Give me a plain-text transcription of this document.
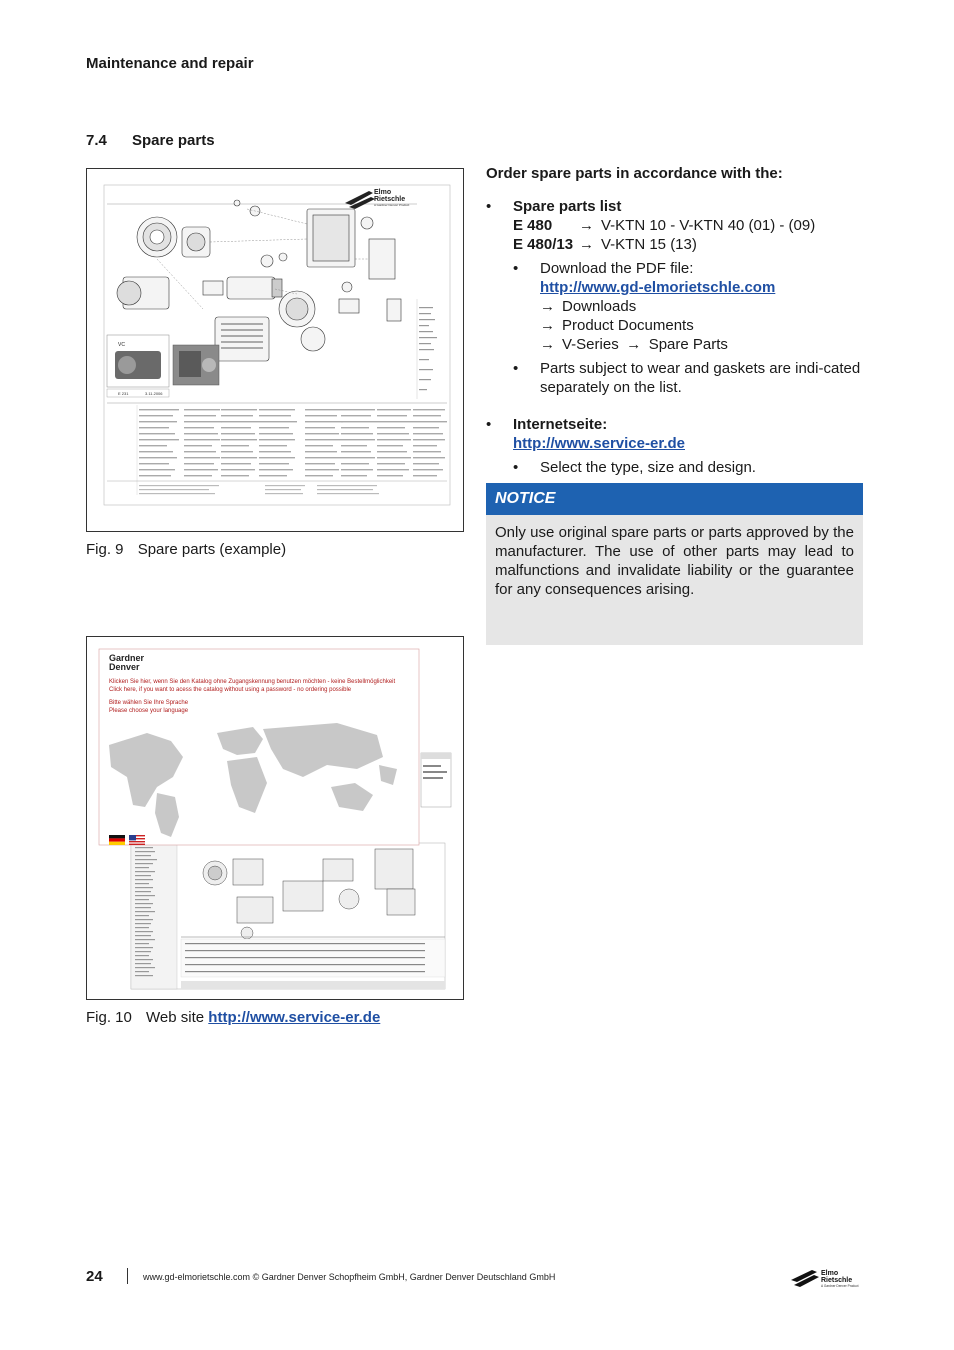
Maintenance and repair
7.4 Spare parts
Elmo
Rietschle
A Gardner Denver Product
VC
E 231	3.11.2006
Fig. 9 Spare parts (example)
Gardner
Denver
Klicken Sie hier, wenn Sie den Katalog ohne Zugangskennung benutzen möchten - keine Bestellmöglichkeit
Click here, if you want to acess the catalog without using a password - no ordering possible
Bitte wählen Sie Ihre Sprache
Please choose your language
Fig. 10 Web site http://www.service-er.de
Order spare parts in accordance with the:
• Spare parts list
E 480 → V-KTN 10 - V-KTN 40 (01) - (09)
E 480/13 → V-KTN 15 (13)
• Download the PDF file:
http://www.gd-elmorietschle.com
→ Downloads
→ Product Documents
→ V-Series → Spare Parts
• Parts subject to wear and gaskets are indi-cated separately on the list.
• Internetseite:
http://www.service-er.de
• Select the type, size and design.
NOTICE
Only use original spare parts or parts approved by the manufacturer. The use of other parts may lead to malfunctions and invalidate liability or the guarantee for any consequences arising.
24	www.gd-elmorietschle.com © Gardner Denver Schopfheim GmbH, Gardner Denver Deutschland GmbH	Elmo
Rietschle
A Gardner Denver Product
